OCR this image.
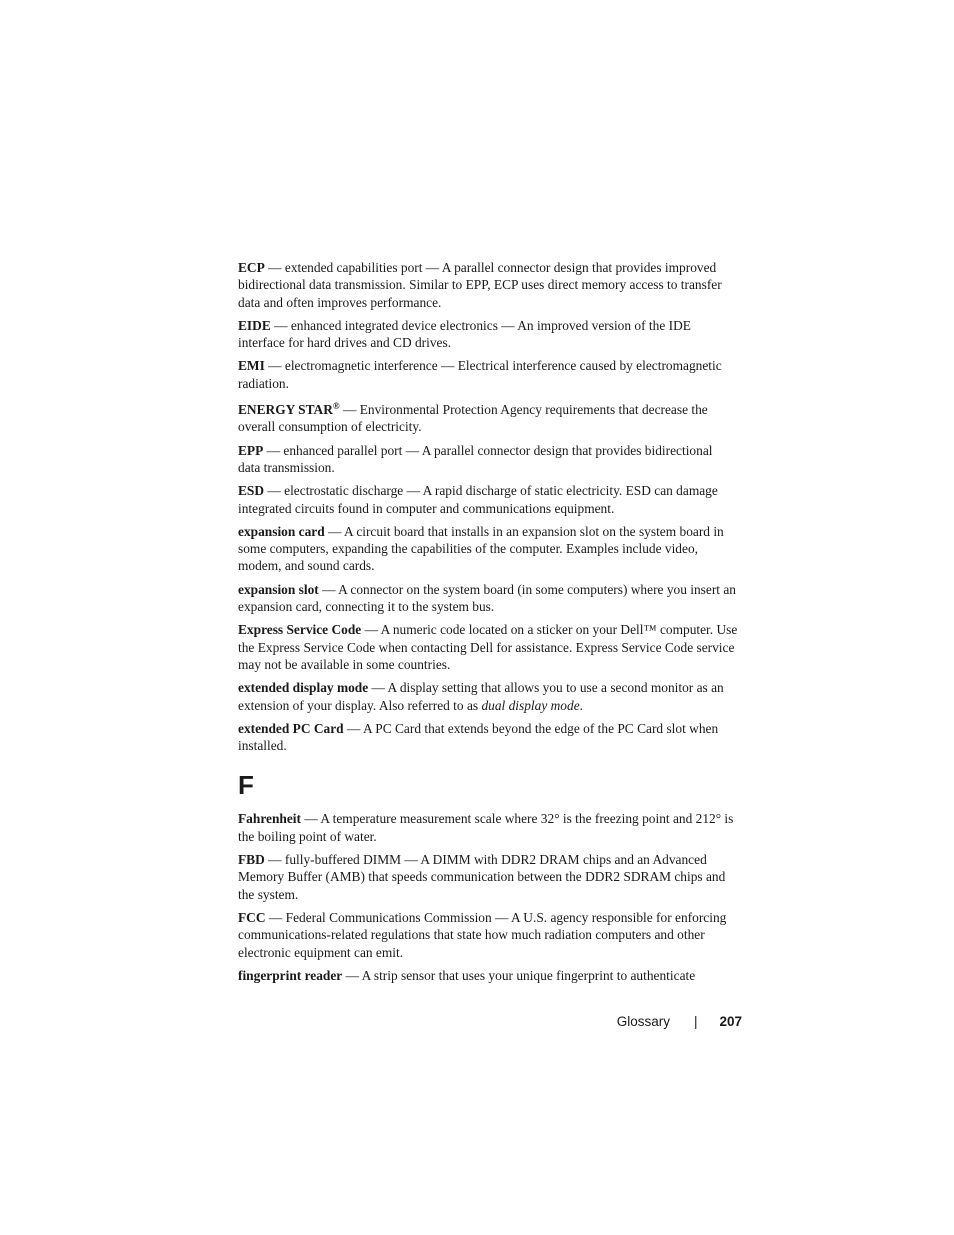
ECP — extended capabilities port — A parallel connector design that provides improved bidirectional data transmission. Similar to EPP, ECP uses direct memory access to transfer data and often improves performance.

EIDE — enhanced integrated device electronics — An improved version of the IDE interface for hard drives and CD drives.

EMI — electromagnetic interference — Electrical interference caused by electromagnetic radiation.

ENERGY STAR® — Environmental Protection Agency requirements that decrease the overall consumption of electricity.

EPP — enhanced parallel port — A parallel connector design that provides bidirectional data transmission.

ESD — electrostatic discharge — A rapid discharge of static electricity. ESD can damage integrated circuits found in computer and communications equipment.

expansion card — A circuit board that installs in an expansion slot on the system board in some computers, expanding the capabilities of the computer. Examples include video, modem, and sound cards.

expansion slot — A connector on the system board (in some computers) where you insert an expansion card, connecting it to the system bus.

Express Service Code — A numeric code located on a sticker on your Dell™ computer. Use the Express Service Code when contacting Dell for assistance. Express Service Code service may not be available in some countries.

extended display mode — A display setting that allows you to use a second monitor as an extension of your display. Also referred to as dual display mode.

extended PC Card — A PC Card that extends beyond the edge of the PC Card slot when installed.

F

Fahrenheit — A temperature measurement scale where 32° is the freezing point and 212° is the boiling point of water.

FBD — fully-buffered DIMM — A DIMM with DDR2 DRAM chips and an Advanced Memory Buffer (AMB) that speeds communication between the DDR2 SDRAM chips and the system.

FCC — Federal Communications Commission — A U.S. agency responsible for enforcing communications-related regulations that state how much radiation computers and other electronic equipment can emit.

fingerprint reader — A strip sensor that uses your unique fingerprint to authenticate

Glossary | 207
